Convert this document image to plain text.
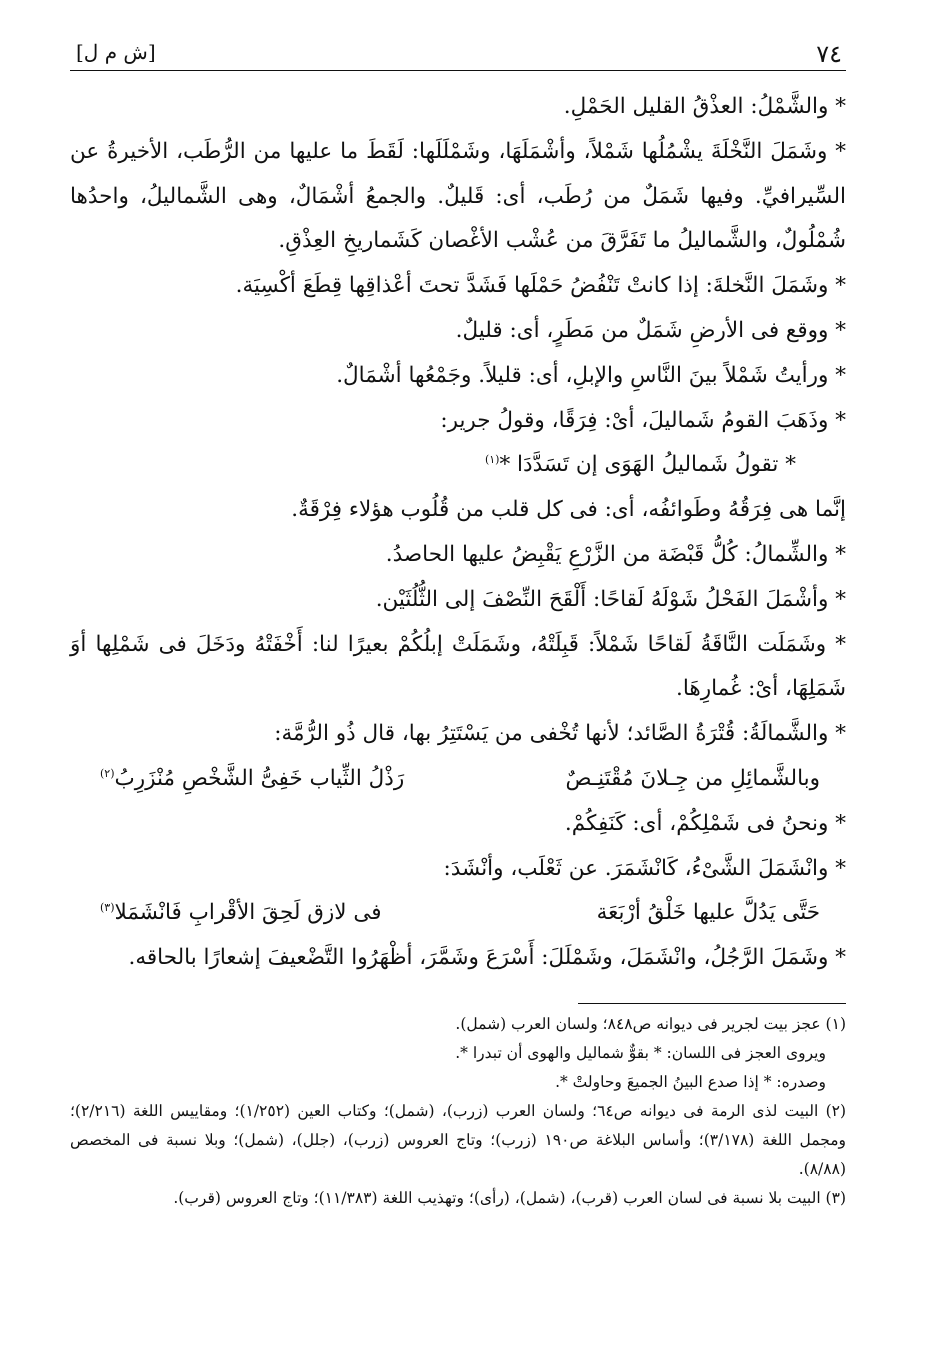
٧٤
[ش م ل]

* والشَّمْلُ: العذْقُ القليل الحَمْلِ.

* وشَمَلَ النَّخْلَةَ يشْمُلُها شَمْلاً، وأشْمَلَهَا، وشَمْلَلَها: لَقَطَ ما عليها من الرُّطَب، الأخيرةُ عن السِّيرافيِّ. وفيها شَمَلٌ من رُطَب، أى: قَليلٌ. والجمعُ أشْمَالٌ، وهى الشَّماليلُ، واحدُها شُمْلُولٌ، والشَّماليلُ ما تَفَرَّقَ من عُشْب الأغْصان كَشَماريخِ العِذْقِ.

* وشَمَلَ النَّخلةَ: إذا كانتْ تَنْفُضُ حَمْلَها فَشَدَّ تحتَ أعْذاقِها قِطَعَ أكْسِيَة.

* ووقع فى الأرضِ شَمَلٌ من مَطَرٍ، أى: قليلٌ.

* ورأيتُ شَمْلاً بينَ النَّاسِ والإبلِ، أى: قليلاً. وجَمْعُها أشْمَالٌ.

* وذَهَبَ القومُ شَماليلَ، أىْ: فِرَقًا، وقولُ جرير:

* تقولُ شَماليلُ الهَوَى إن تَسَدَّدَا *$^{(١)}$

إنَّما هى فِرَقُهُ وطَوائفُه، أى: فى كل قلب من قُلُوب هؤلاء فِرْقَةٌ.

* والشِّمالُ: كُلُّ قَبْضَة من الزَّرْعِ يَقْبِضُ عليها الحاصدُ.

* وأشْمَلَ الفَحْلُ شَوْلَهُ لَقاحًا: أَلْقَحَ النِّصْفَ إلى الثُّلُثَيْن.

* وشَمَلَت النَّاقَةُ لَقاحًا شَمْلاً: قَبِلَتْهُ، وشَمَلَتْ إبلُكُمْ بعيرًا لنا: أَخْفَتْهُ ودَخَلَ فى شَمْلِها أوَ شَمَلِهَا، أىْ: غُمارِهَا.

* والشَّمالَةُ: قُتْرَةُ الصَّائد؛ لأنها تُخْفى من يَسْتَتِرُ بها، قال ذُو الرُّمَّة:

وبالشَّمائِلِ من جِـلانَ مُقْتَنِـصٌ
رَذْلُ الثِّياب خَفِىُّ الشَّخْصِ مُنْزَرِبُ$^{(٢)}$

* ونحنُ فى شَمْلِكُمْ، أى: كَنَفِكُمْ.

* وانْشَمَلَ الشَّىْءُ، كَانْشَمَرَ. عن ثَعْلَب، وأنْشَدَ:

حَتَّى يَدُلَّ عليها خَلْقُ أرْبَعَة
فى لازق لَحِقَ الأقْرابِ فَانْشَمَلا$^{(٣)}$

* وشَمَلَ الرَّجُلُ، وانْشَمَلَ، وشَمْلَلَ: أَسْرَعَ وشَمَّرَ، أظْهَرُوا التَّضْعيفَ إشعارًا بالحاقه.

(١) عجز بيت لجرير فى ديوانه ص٨٤٨؛ ولسان العرب (شمل).

ويروى العجز فى اللسان: * بقوٌّ شماليل والهوى أن تبدرا *.

وصدره: * إذا صدع البينُ الجميعَ وحاولتْ *.

(٢) البيت لذى الرمة فى ديوانه ص٦٤؛ ولسان العرب (زرب)، (شمل)؛ وكتاب العين (١/٢٥٢)؛ ومقاييس اللغة (٢/٢١٦)؛ ومجمل اللغة (٣/١٧٨)؛ وأساس البلاغة ص١٩٠ (زرب)؛ وتاج العروس (زرب)، (جلل)، (شمل)؛ وبلا نسبة فى المخصص (٨/٨٨).

(٣) البيت بلا نسبة فى لسان العرب (قرب)، (شمل)، (رأى)؛ وتهذيب اللغة (١١/٣٨٣)؛ وتاج العروس (قرب).
